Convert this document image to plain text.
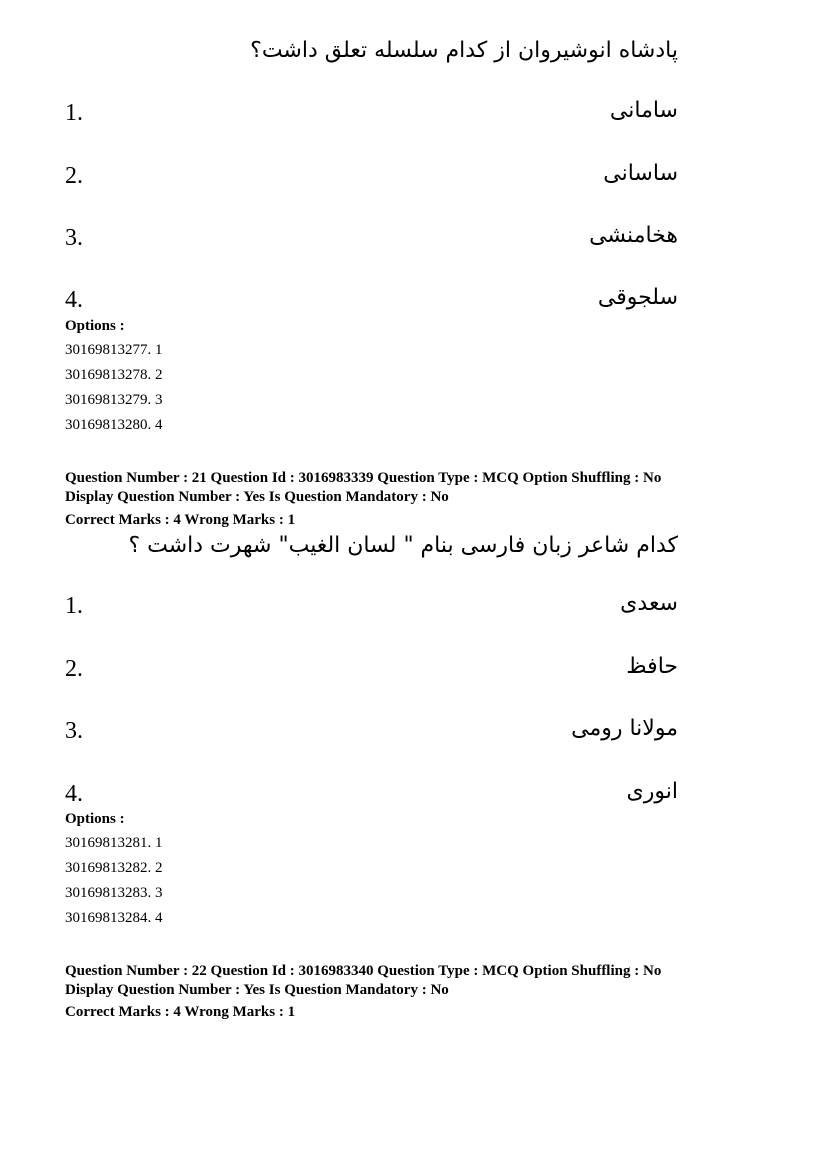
پادشاه انوشیروان از کدام سلسله تعلق داشت؟
1.	سامانی
2.	ساسانی
3.	هخامنشی
4.	سلجوقی
Options :
30169813277. 1
30169813278. 2
30169813279. 3
30169813280. 4
Question Number : 21 Question Id : 3016983339 Question Type : MCQ Option Shuffling : No
Display Question Number : Yes Is Question Mandatory : No
Correct Marks : 4 Wrong Marks : 1
کدام شاعر زبان فارسی بنام " لسان الغیب" شهرت داشت ؟
1.	سعدی
2.	حافظ
3.	مولانا رومی
4.	انوری
Options :
30169813281. 1
30169813282. 2
30169813283. 3
30169813284. 4
Question Number : 22 Question Id : 3016983340 Question Type : MCQ Option Shuffling : No
Display Question Number : Yes Is Question Mandatory : No
Correct Marks : 4 Wrong Marks : 1
